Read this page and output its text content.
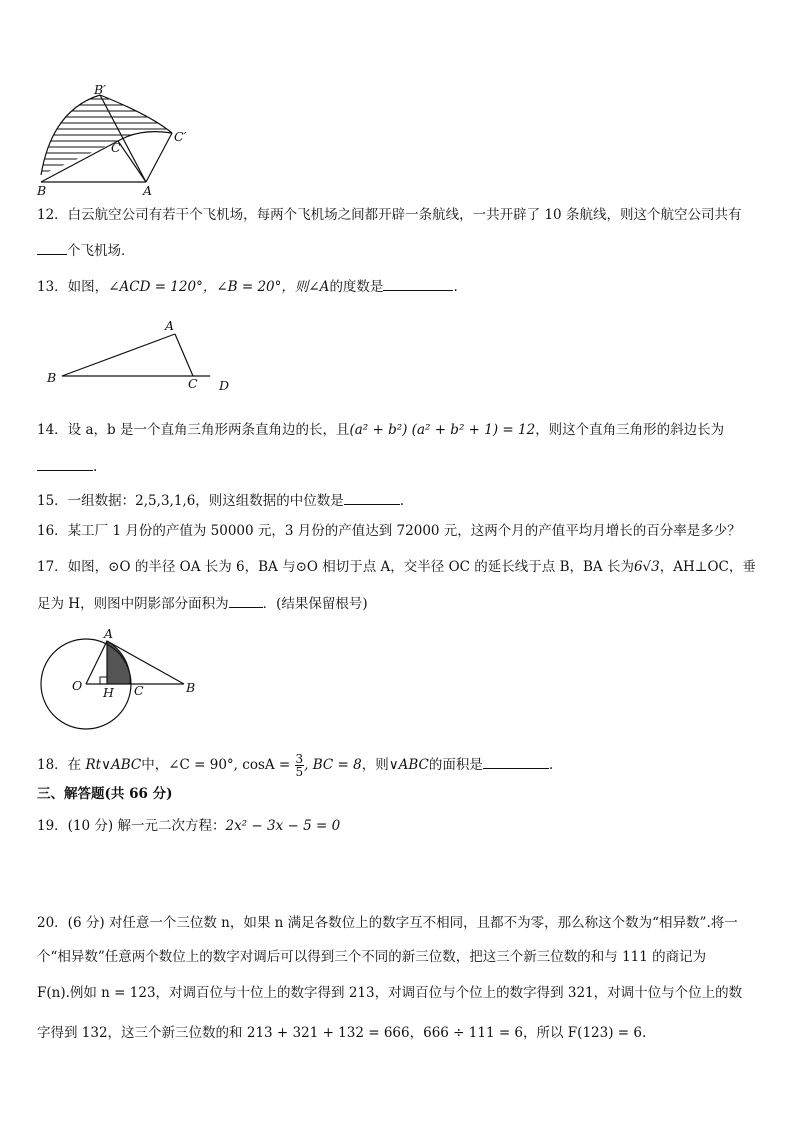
B′
C′
C
B	A
12．白云航空公司有若干个飞机场，每两个飞机场之间都开辟一条航线，一共开辟了 10 条航线，则这个航空公司共有
个飞机场．
13．如图，∠ACD = 120°，∠B = 20°，则∠A的度数是	.
A
B	C D
14．设 a，b 是一个直角三角形两条直角边的长，且(a² + b²) (a² + b² + 1) = 12，则这个直角三角形的斜边长为
.
15．一组数据：2,5,3,1,6，则这组数据的中位数是	.
16．某工厂 1 月份的产值为 50000 元，3 月份的产值达到 72000 元，这两个月的产值平均月增长的百分率是多少？
17．如图，⊙O 的半径 OA 长为 6，BA 与⊙O 相切于点 A，交半径 OC 的延长线于点 B，BA 长为6√3，AH⊥OC，垂
足为 H，则图中阴影部分面积为	．(结果保留根号)
A
O H C	B
18．在 Rt∨ABC中，∠C = 90°, $\cos A = \frac{3}{5}$ , BC = 8，则∨ABC的面积是	.
三、解答题(共 66 分)
19．(10 分) 解一元二次方程：2x² − 3x − 5 = 0
20．(6 分) 对任意一个三位数 n，如果 n 满足各数位上的数字互不相同，且都不为零，那么称这个数为“相异数”.将一
个“相异数”任意两个数位上的数字对调后可以得到三个不同的新三位数，把这三个新三位数的和与 111 的商记为
F(n).例如 n = 123，对调百位与十位上的数字得到 213，对调百位与个位上的数字得到 321，对调十位与个位上的数
字得到 132，这三个新三位数的和 213 + 321 + 132 = 666，666 ÷ 111 = 6，所以 F(123) = 6.
